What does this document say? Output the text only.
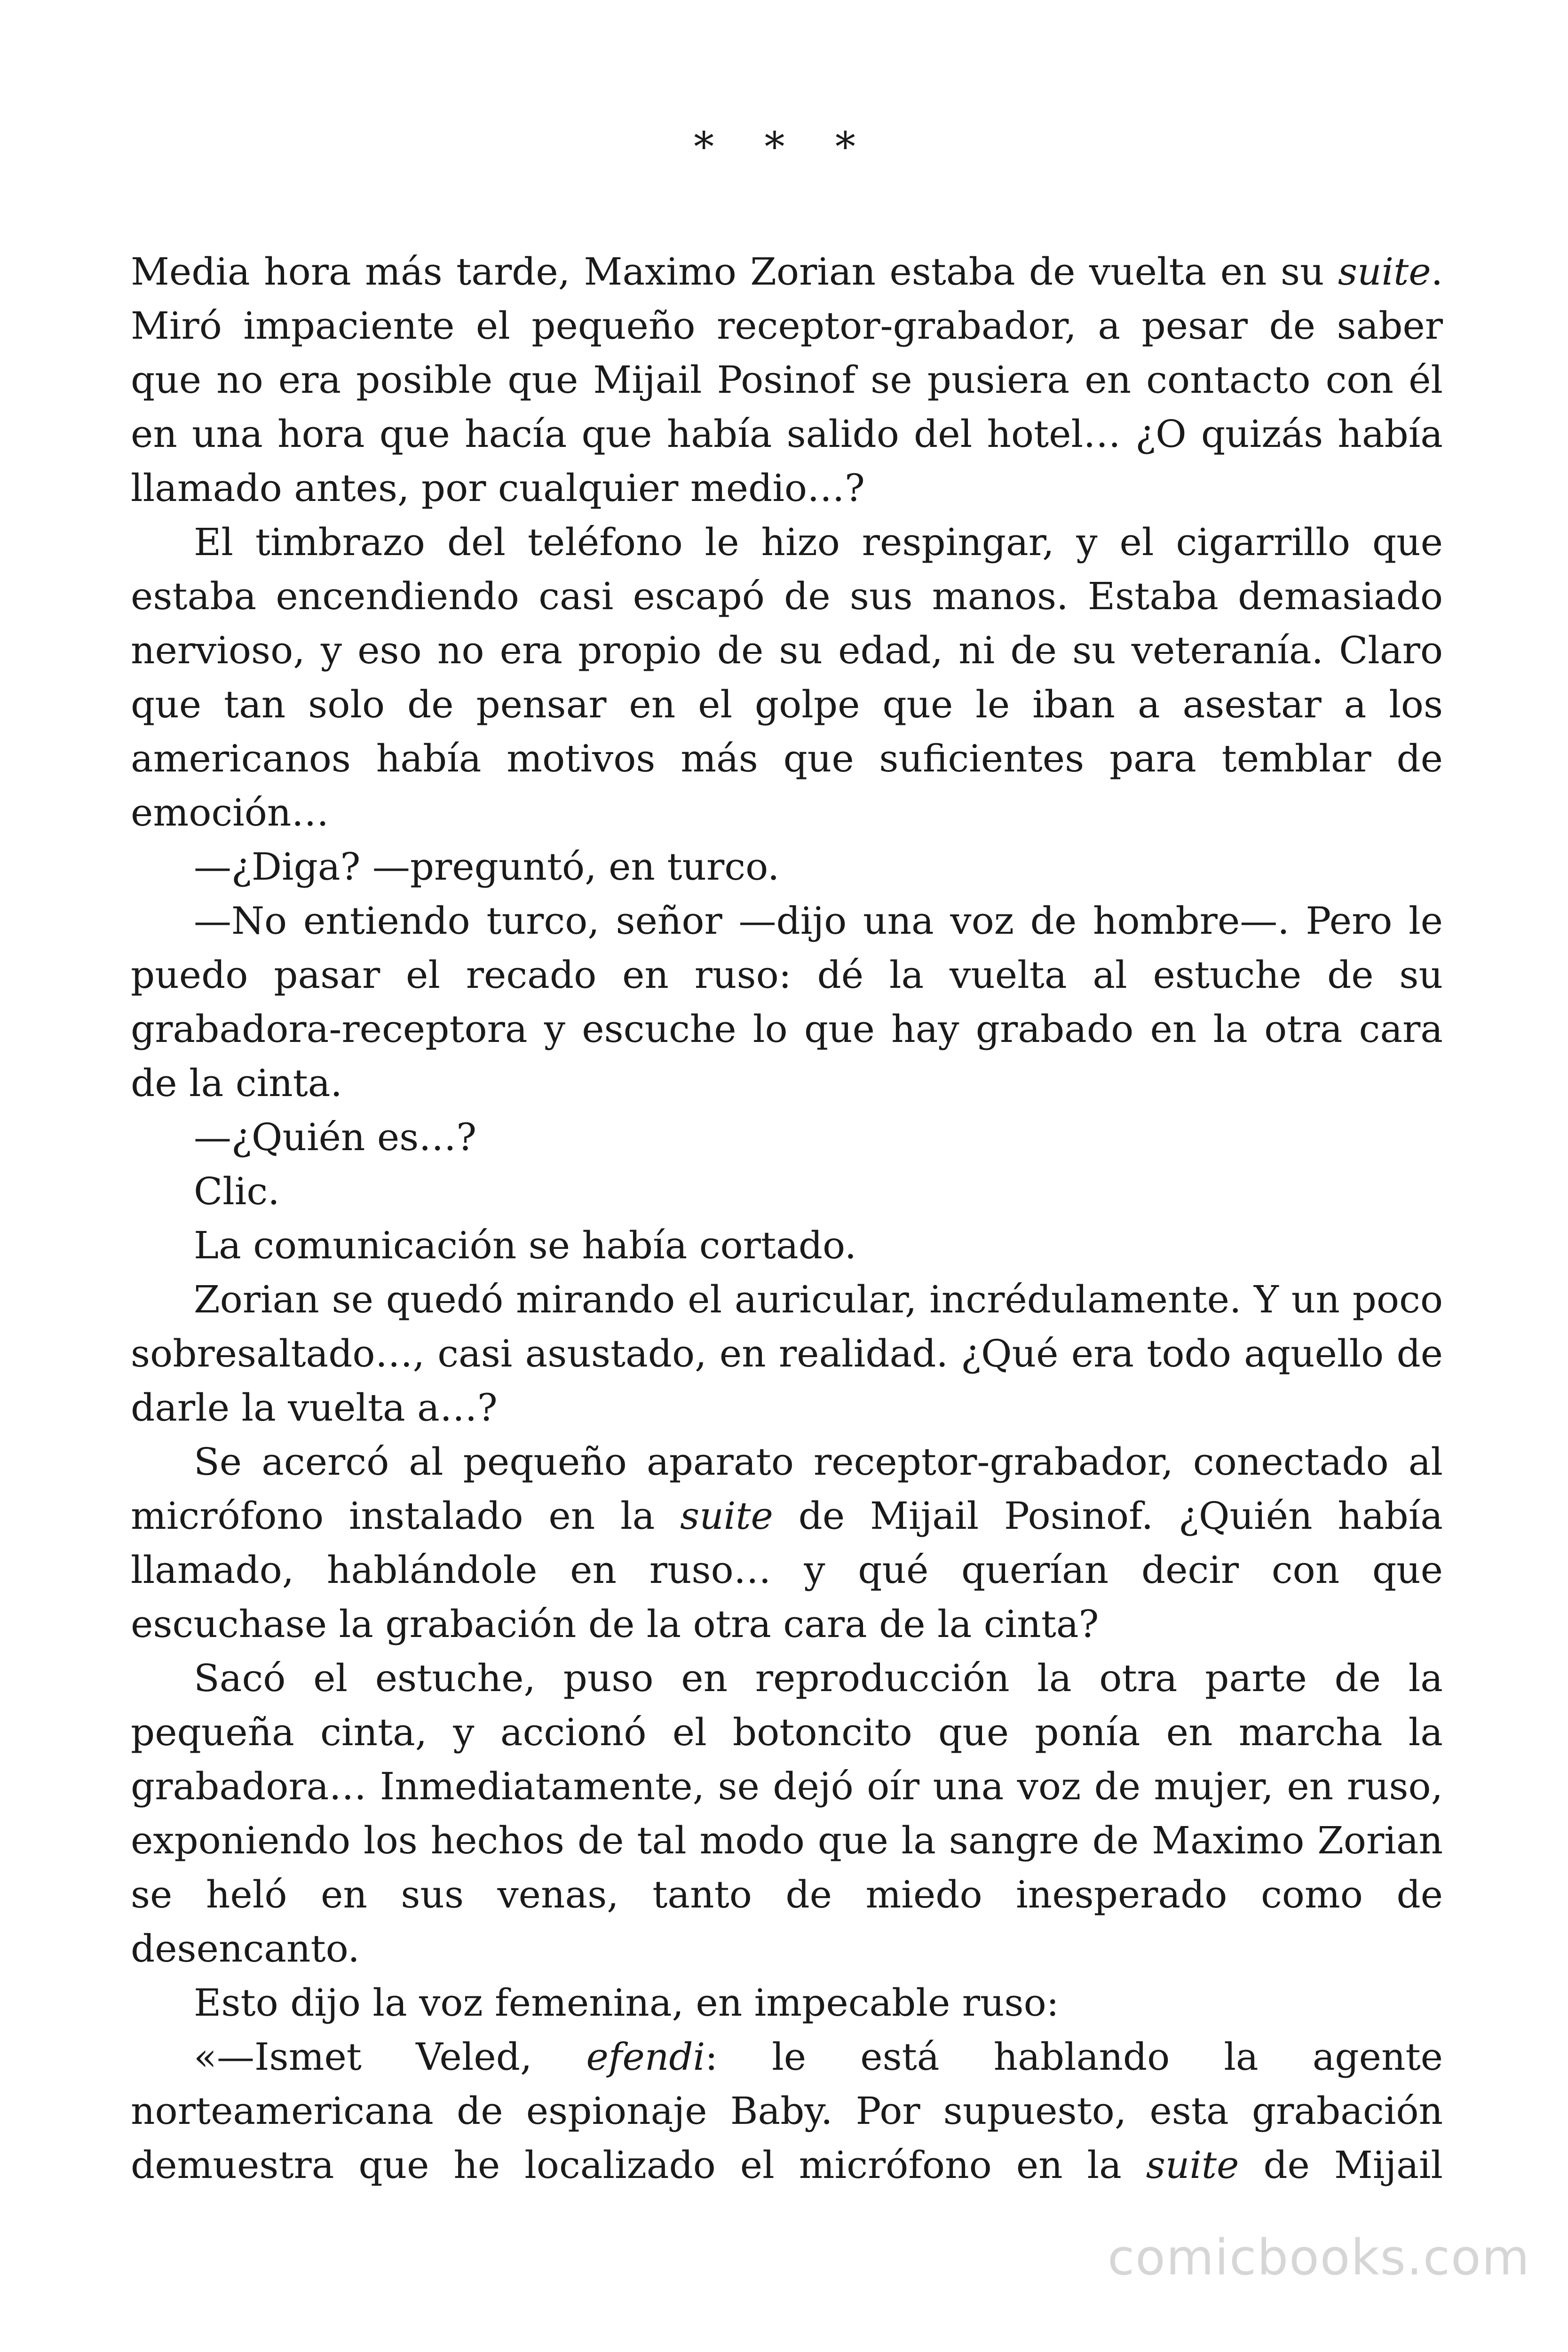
* * *

Media hora más tarde, Maximo Zorian estaba de vuelta en su suite. Miró impaciente el pequeño receptor-grabador, a pesar de saber que no era posible que Mijail Posinof se pusiera en contacto con él en una hora que hacía que había salido del hotel… ¿O quizás había llamado antes, por cualquier medio…?

El timbrazo del teléfono le hizo respingar, y el cigarrillo que estaba encendiendo casi escapó de sus manos. Estaba demasiado nervioso, y eso no era propio de su edad, ni de su veteranía. Claro que tan solo de pensar en el golpe que le iban a asestar a los americanos había motivos más que suficientes para temblar de emoción…

—¿Diga? —preguntó, en turco.

—No entiendo turco, señor —dijo una voz de hombre—. Pero le puedo pasar el recado en ruso: dé la vuelta al estuche de su grabadora-receptora y escuche lo que hay grabado en la otra cara de la cinta.

—¿Quién es…?

Clic.

La comunicación se había cortado.

Zorian se quedó mirando el auricular, incrédulamente. Y un poco sobresaltado…, casi asustado, en realidad. ¿Qué era todo aquello de darle la vuelta a…?

Se acercó al pequeño aparato receptor-grabador, conectado al micrófono instalado en la suite de Mijail Posinof. ¿Quién había llamado, hablándole en ruso… y qué querían decir con que escuchase la grabación de la otra cara de la cinta?

Sacó el estuche, puso en reproducción la otra parte de la pequeña cinta, y accionó el botoncito que ponía en marcha la grabadora… Inmediatamente, se dejó oír una voz de mujer, en ruso, exponiendo los hechos de tal modo que la sangre de Maximo Zorian se heló en sus venas, tanto de miedo inesperado como de desencanto.

Esto dijo la voz femenina, en impecable ruso:

«—Ismet Veled, efendi: le está hablando la agente norteamericana de espionaje Baby. Por supuesto, esta grabación demuestra que he localizado el micrófono en la suite de Mijail

comicbooks.com
